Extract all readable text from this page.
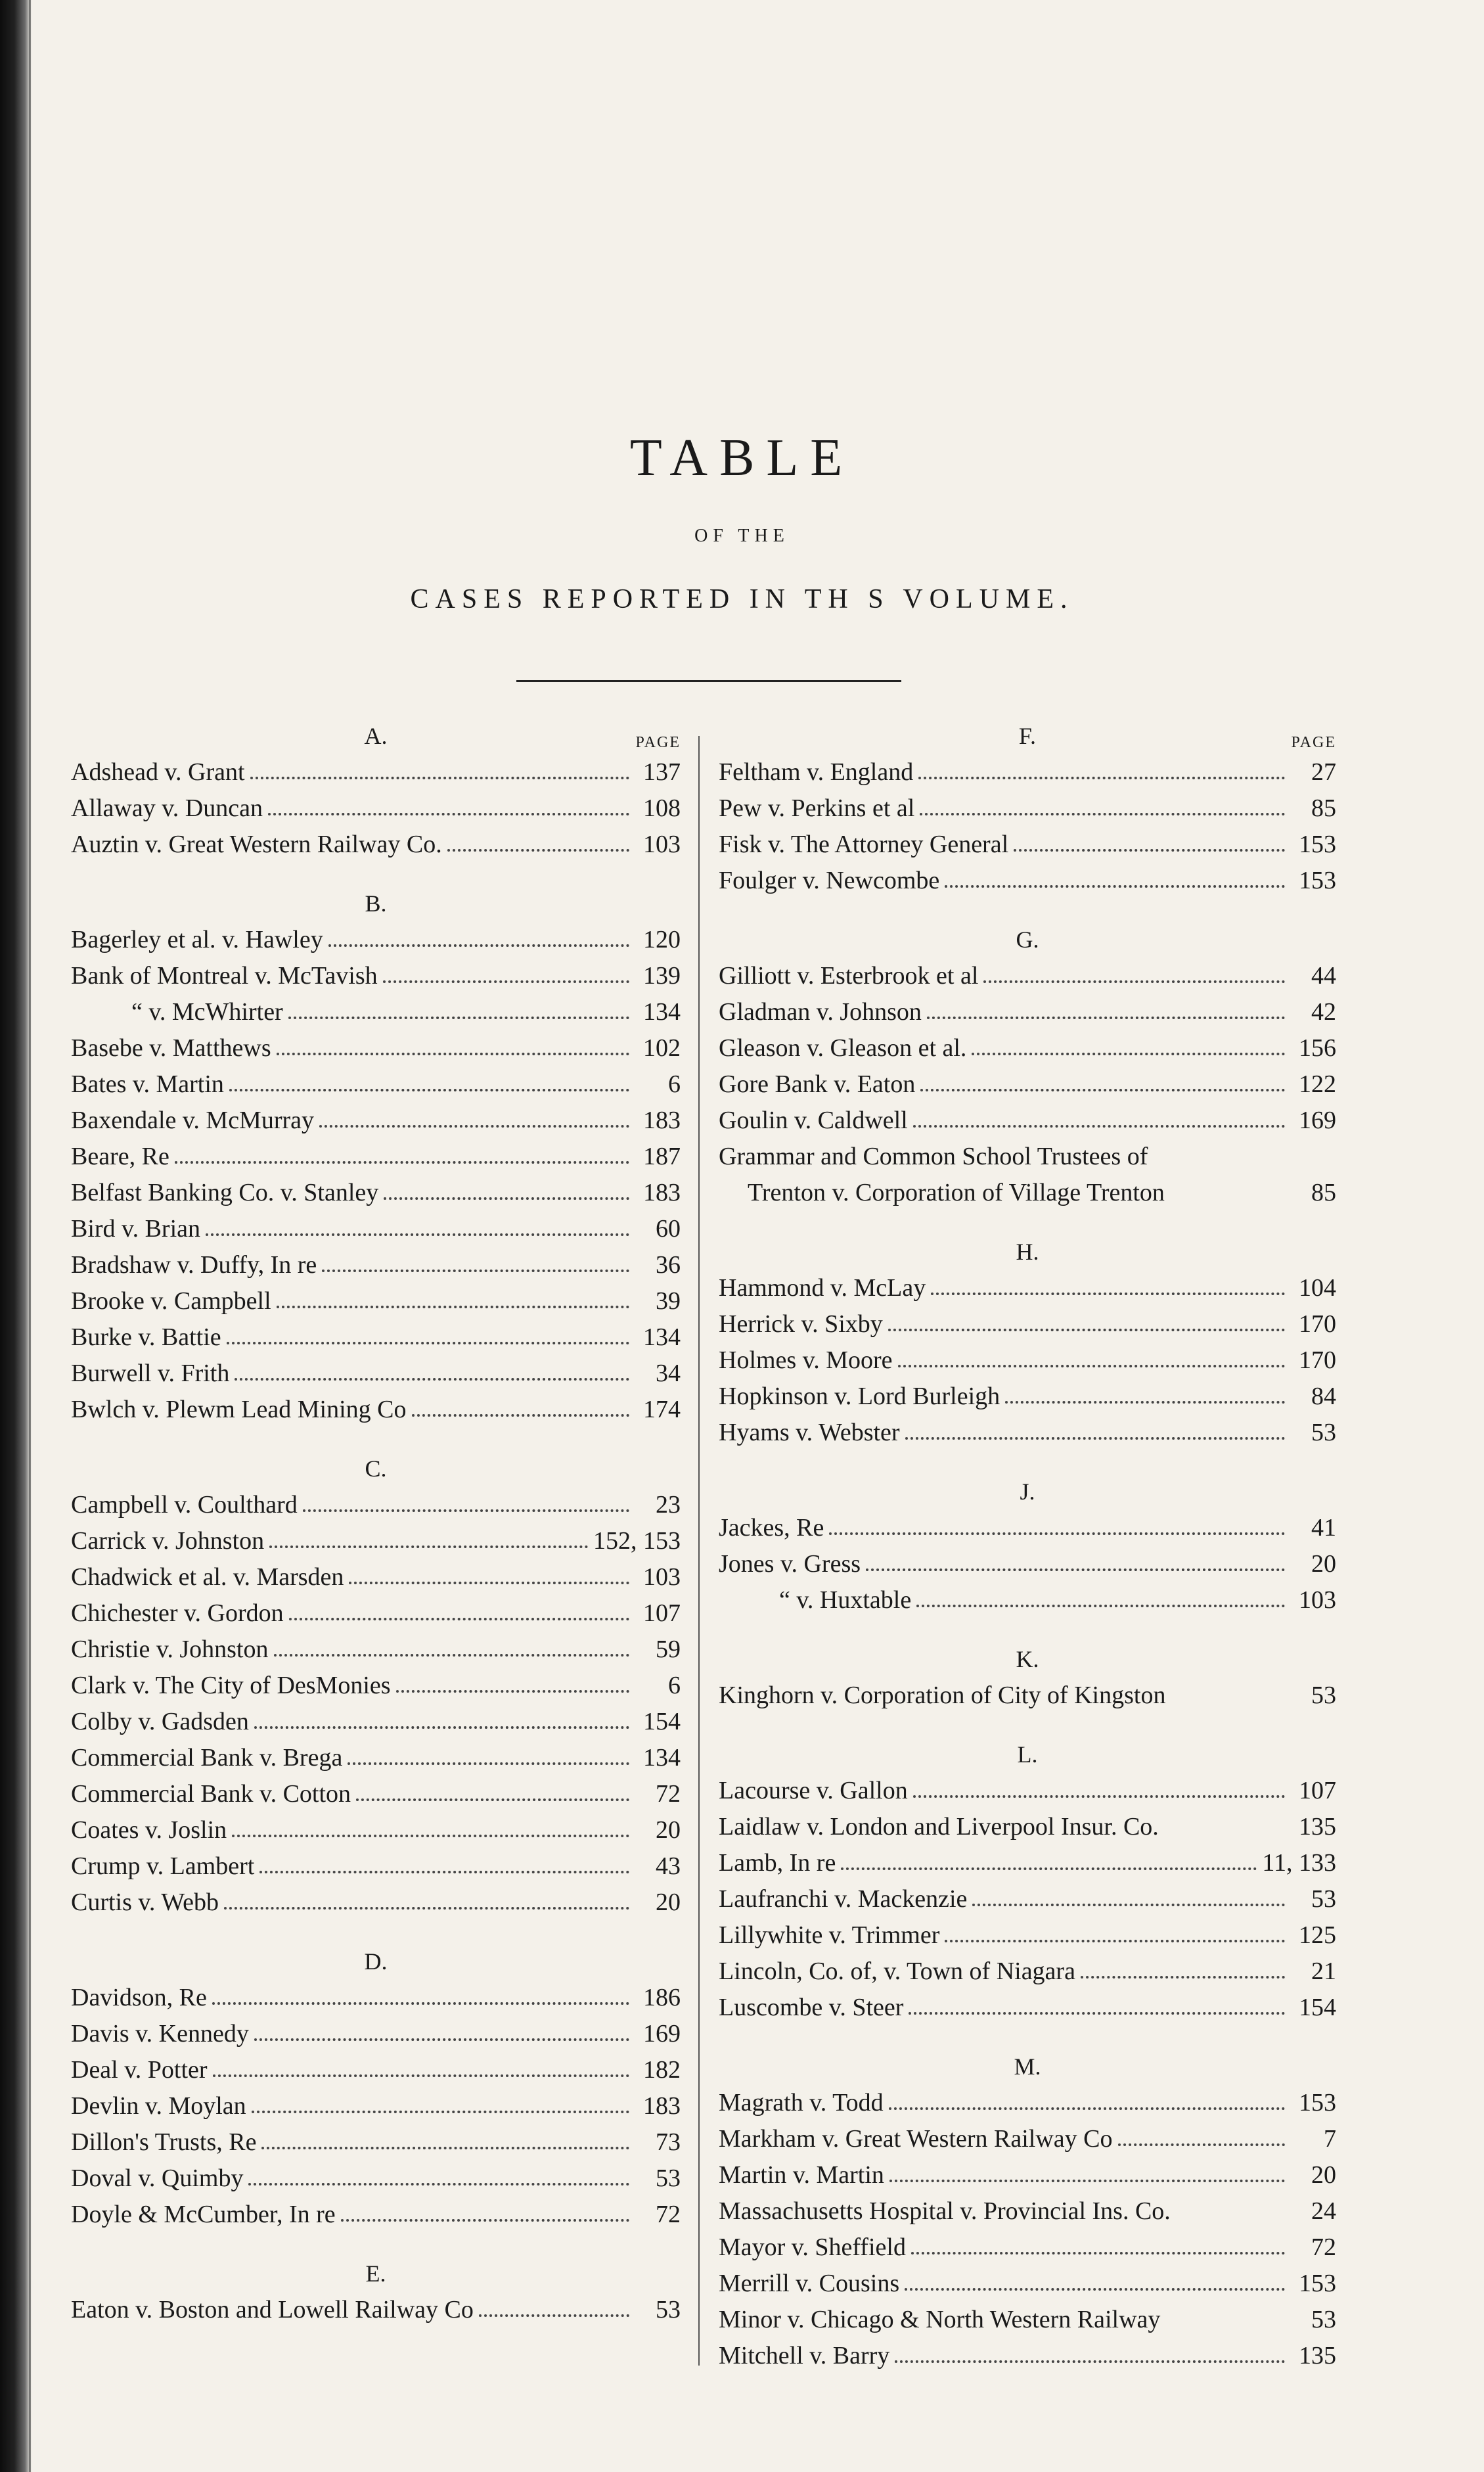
TABLE
OF THE
CASES REPORTED IN TH S VOLUME.
A.	PAGE
Adshead v. Grant	137
Allaway v. Duncan	108
Auztin v. Great Western Railway Co.	103
B.
Bagerley et al. v. Hawley	120
Bank of Montreal v. McTavish	139
“ v. McWhirter	134
Basebe v. Matthews	102
Bates v. Martin	6
Baxendale v. McMurray	183
Beare, Re	187
Belfast Banking Co. v. Stanley	183
Bird v. Brian	60
Bradshaw v. Duffy, In re	36
Brooke v. Campbell	39
Burke v. Battie	134
Burwell v. Frith	34
Bwlch v. Plewm Lead Mining Co	174
C.
Campbell v. Coulthard	23
Carrick v. Johnston	152, 153
Chadwick et al. v. Marsden	103
Chichester v. Gordon	107
Christie v. Johnston	59
Clark v. The City of DesMonies	6
Colby v. Gadsden	154
Commercial Bank v. Brega	134
Commercial Bank v. Cotton	72
Coates v. Joslin	20
Crump v. Lambert	43
Curtis v. Webb	20
D.
Davidson, Re	186
Davis v. Kennedy	169
Deal v. Potter	182
Devlin v. Moylan	183
Dillon's Trusts, Re	73
Doval v. Quimby	53
Doyle & McCumber, In re	72
E.
Eaton v. Boston and Lowell Railway Co	53
F.	PAGE
Feltham v. England	27
Pew v. Perkins et al	85
Fisk v. The Attorney General	153
Foulger v. Newcombe	153
G.
Gilliott v. Esterbrook et al	44
Gladman v. Johnson	42
Gleason v. Gleason et al.	156
Gore Bank v. Eaton	122
Goulin v. Caldwell	169
Grammar and Common School Trustees of
Trenton v. Corporation of Village Trenton	85
H.
Hammond v. McLay	104
Herrick v. Sixby	170
Holmes v. Moore	170
Hopkinson v. Lord Burleigh	84
Hyams v. Webster	53
J.
Jackes, Re	41
Jones v. Gress	20
“ v. Huxtable	103
K.
Kinghorn v. Corporation of City of Kingston	53
L.
Lacourse v. Gallon	107
Laidlaw v. London and Liverpool Insur. Co.	135
Lamb, In re	11, 133
Laufranchi v. Mackenzie	53
Lillywhite v. Trimmer	125
Lincoln, Co. of, v. Town of Niagara	21
Luscombe v. Steer	154
M.
Magrath v. Todd	153
Markham v. Great Western Railway Co	7
Martin v. Martin	20
Massachusetts Hospital v. Provincial Ins. Co.	24
Mayor v. Sheffield	72
Merrill v. Cousins	153
Minor v. Chicago & North Western Railway	53
Mitchell v. Barry	135
